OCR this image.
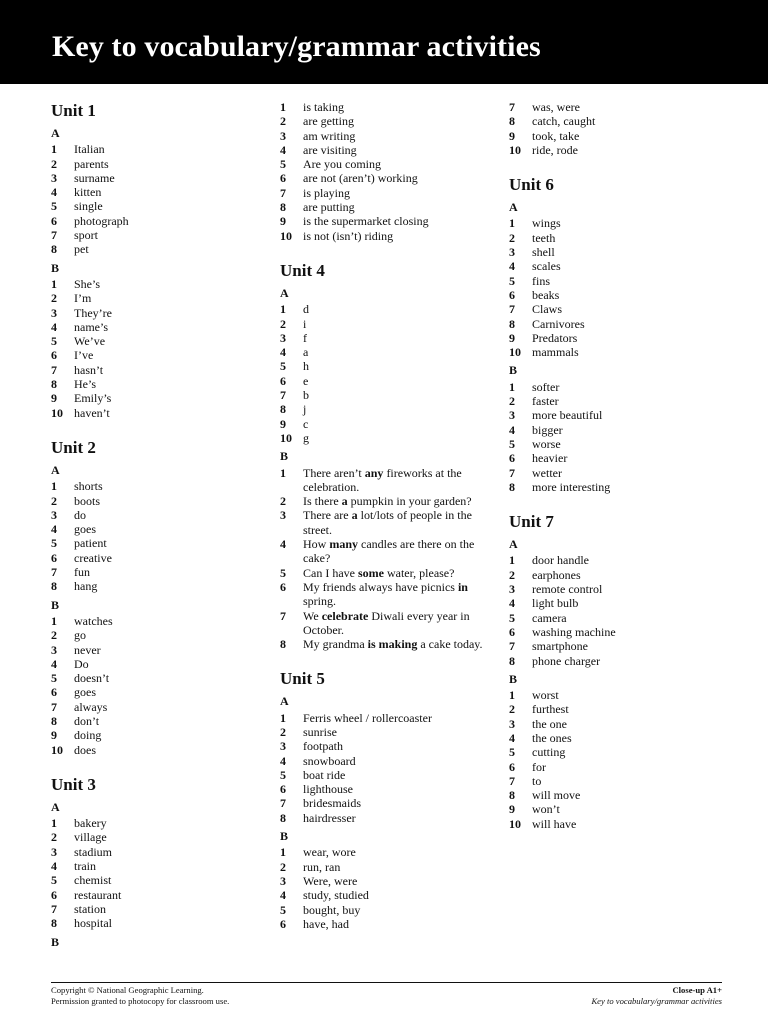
Key to vocabulary/grammar activities
Unit 1
A
1	Italian
2	parents
3	surname
4	kitten
5	single
6	photograph
7	sport
8	pet
B
1	She’s
2	I’m
3	They’re
4	name’s
5	We’ve
6	I’ve
7	hasn’t
8	He’s
9	Emily’s
10 haven’t
Unit 2
A
1	shorts
2	boots
3	do
4	goes
5	patient
6	creative
7	fun
8	hang
B
1	watches
2	go
3	never
4	Do
5	doesn’t
6	goes
7	always
8	don’t
9	doing
10 does
Unit 3
A
1	bakery
2	village
3	stadium
4	train
5	chemist
6	restaurant
7	station
8	hospital
B
1	is taking
2	are getting
3	am writing
4	are visiting
5	Are you coming
6	are not (aren’t) working
7	is playing
8	are putting
9	is the supermarket closing
10 is not (isn’t) riding
Unit 4
A
1	d
2	i
3	f
4	a
5	h
6	e
7	b
8	j
9	c
10 g
B
1	There aren’t any fireworks at the celebration.
2	Is there a pumpkin in your garden?
3	There are a lot/lots of people in the street.
4	How many candles are there on the cake?
5	Can I have some water, please?
6	My friends always have picnics in spring.
7	We celebrate Diwali every year in October.
8	My grandma is making a cake today.
Unit 5
A
1	Ferris wheel / rollercoaster
2	sunrise
3	footpath
4	snowboard
5	boat ride
6	lighthouse
7	bridesmaids
8	hairdresser
B
1	wear, wore
2	run, ran
3	Were, were
4	study, studied
5	bought, buy
6	have, had
7	was, were
8	catch, caught
9	took, take
10 ride, rode
Unit 6
A
1	wings
2	teeth
3	shell
4	scales
5	fins
6	beaks
7	Claws
8	Carnivores
9	Predators
10 mammals
B
1	softer
2	faster
3	more beautiful
4	bigger
5	worse
6	heavier
7	wetter
8	more interesting
Unit 7
A
1	door handle
2	earphones
3	remote control
4	light bulb
5	camera
6	washing machine
7	smartphone
8	phone charger
B
1	worst
2	furthest
3	the one
4	the ones
5	cutting
6	for
7	to
8	will move
9	won’t
10 will have
Copyright © National Geographic Learning.
Permission granted to photocopy for classroom use.
Close-up A1+
Key to vocabulary/grammar activities
